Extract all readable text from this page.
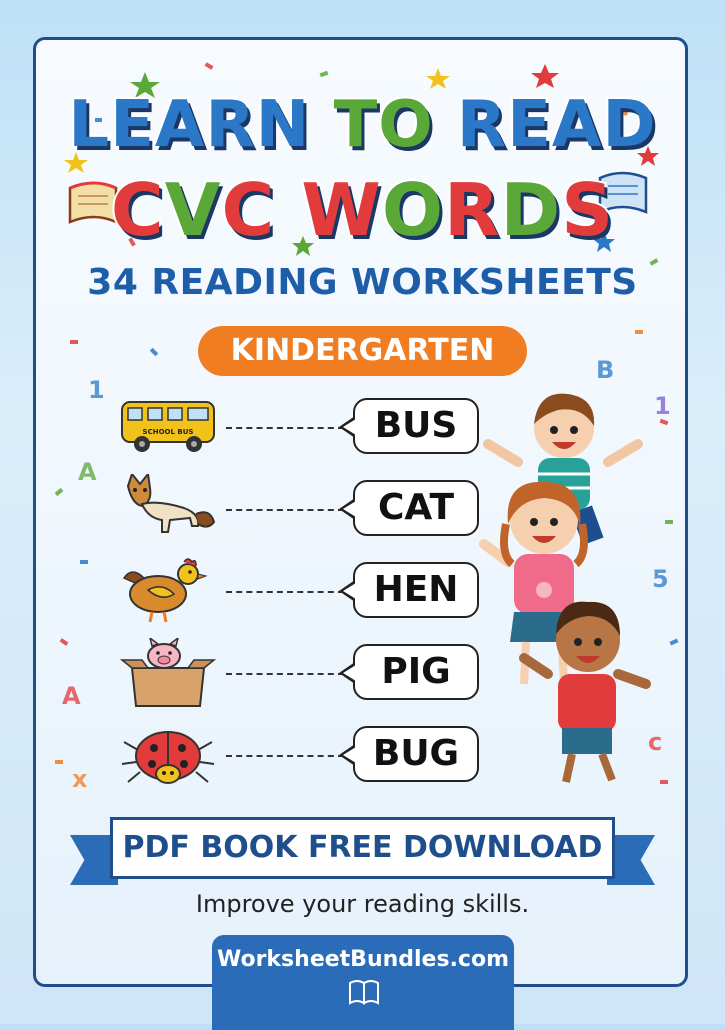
1
A
A
x
B
1
5
c
LEARN TO READ
CVC WORDS
34 READING WORKSHEETS
KINDERGARTEN
SCHOOL BUS	BUS
CAT
HEN
PIG
BUG
PDF BOOK FREE DOWNLOAD
Improve your reading skills.
WorksheetBundles.com
